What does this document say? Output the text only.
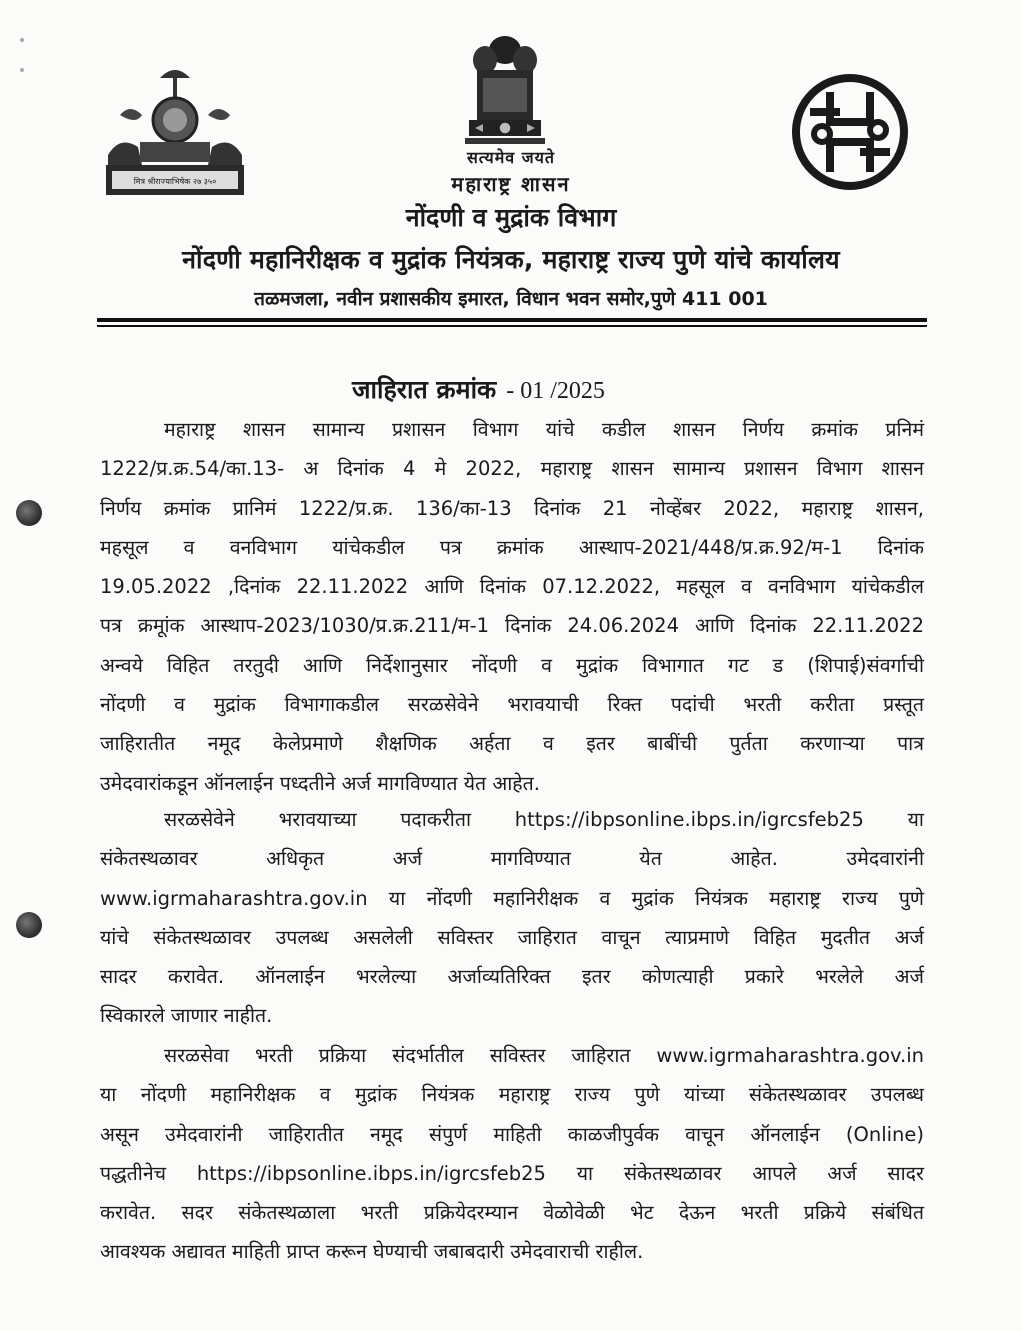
मित्र श्रीराज्याभिषेक २७ ३५०
सत्यमेव जयते
महाराष्ट्र शासन
नोंदणी व मुद्रांक विभाग
नोंदणी महानिरीक्षक व मुद्रांक नियंत्रक, महाराष्ट्र राज्य पुणे यांचे कार्यालय
तळमजला, नवीन प्रशासकीय इमारत, विधान भवन समोर,पुणे 411 001
जाहिरात क्रमांक - 01 /2025
महाराष्ट्र शासन सामान्य प्रशासन विभाग यांचे कडील शासन निर्णय क्रमांक प्रनिमं
1222/प्र.क्र.54/का.13- अ दिनांक 4 मे 2022, महाराष्ट्र शासन सामान्य प्रशासन विभाग शासन
निर्णय क्रमांक प्रानिमं 1222/प्र.क्र. 136/का-13 दिनांक 21 नोव्हेंबर 2022, महाराष्ट्र शासन,
महसूल व वनविभाग यांचेकडील पत्र क्रमांक आस्थाप-2021/448/प्र.क्र.92/म-1 दिनांक
19.05.2022 ,दिनांक 22.11.2022 आणि दिनांक 07.12.2022, महसूल व वनविभाग यांचेकडील
पत्र क्रमूांक आस्थाप-2023/1030/प्र.क्र.211/म-1 दिनांक 24.06.2024 आणि दिनांक 22.11.2022
अन्वये विहित तरतुदी आणि निर्देशानुसार नोंदणी व मुद्रांक विभागात गट ड (शिपाई)संवर्गाची
नोंदणी व मुद्रांक विभागाकडील सरळसेवेने भरावयाची रिक्त पदांची भरती करीता प्रस्तूत
जाहिरातीत नमूद केलेप्रमाणे शैक्षणिक अर्हता व इतर बाबींची पुर्तता करणाऱ्या पात्र
उमेदवारांकडून ऑनलाईन पध्दतीने अर्ज मागविण्यात येत आहेत.
सरळसेवेने भरावयाच्या पदाकरीता https://ibpsonline.ibps.in/igrcsfeb25 या
संकेतस्थळावर अधिकृत अर्ज मागविण्यात येत आहेत. उमेदवारांनी
www.igrmaharashtra.gov.in या नोंदणी महानिरीक्षक व मुद्रांक नियंत्रक महाराष्ट्र राज्य पुणे
यांचे संकेतस्थळावर उपलब्ध असलेली सविस्तर जाहिरात वाचून त्याप्रमाणे विहित मुदतीत अर्ज
सादर करावेत. ऑनलाईन भरलेल्या अर्जाव्यतिरिक्त इतर कोणत्याही प्रकारे भरलेले अर्ज
स्विकारले जाणार नाहीत.
सरळसेवा भरती प्रक्रिया संदर्भातील सविस्तर जाहिरात www.igrmaharashtra.gov.in
या नोंदणी महानिरीक्षक व मुद्रांक नियंत्रक महाराष्ट्र राज्य पुणे यांच्या संकेतस्थळावर उपलब्ध
असून उमेदवारांनी जाहिरातीत नमूद संपुर्ण माहिती काळजीपुर्वक वाचून ऑनलाईन (Online)
पद्धतीनेच https://ibpsonline.ibps.in/igrcsfeb25 या संकेतस्थळावर आपले अर्ज सादर
करावेत. सदर संकेतस्थळाला भरती प्रक्रियेदरम्यान वेळोवेळी भेट देऊन भरती प्रक्रिये संबंधित
आवश्यक अद्यावत माहिती प्राप्त करून घेण्याची जबाबदारी उमेदवाराची राहील.
